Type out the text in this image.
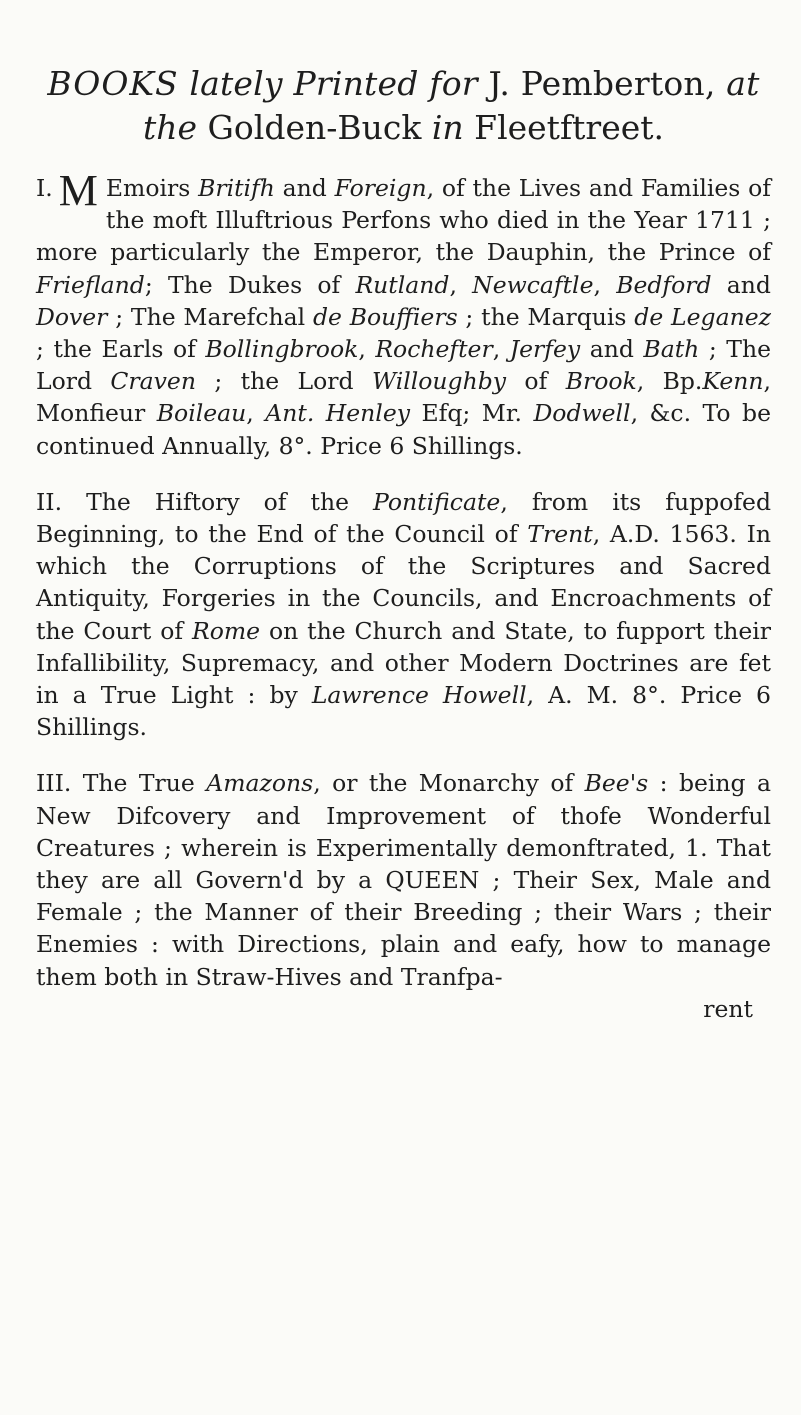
BOOKS lately Printed for J. Pemberton, at
the Golden-Buck in Fleetftreet.

I. M Emoirs Britifh and Foreign, of the Lives and Families of the moft Illuftrious Perfons who died in the Year 1711 ; more particularly the Emperor, the Dauphin, the Prince of Friefland; The Dukes of Rutland, Newcaftle, Bedford and Dover ; The Marefchal de Bouffiers ; the Marquis de Leganez ; the Earls of Bollingbrook, Rochefter, Jerfey and Bath ; The Lord Craven ; the Lord Willoughby of Brook, Bp.Kenn, Monfieur Boileau, Ant. Henley Efq; Mr. Dodwell, &c. To be continued Annually, 8°. Price 6 Shillings.

II. The Hiftory of the Pontificate, from its fuppofed Beginning, to the End of the Council of Trent, A.D. 1563. In which the Corruptions of the Scriptures and Sacred Antiquity, Forgeries in the Councils, and Encroachments of the Court of Rome on the Church and State, to fupport their Infallibility, Supremacy, and other Modern Doctrines are fet in a True Light : by Lawrence Howell, A. M. 8°. Price 6 Shillings.

III. The True Amazons, or the Monarchy of Bee's : being a New Difcovery and Improvement of thofe Wonderful Creatures ; wherein is Experimentally demonftrated, 1. That they are all Govern'd by a QUEEN ; Their Sex, Male and Female ; the Manner of their Breeding ; their Wars ; their Enemies : with Directions, plain and eafy, how to manage them both in Straw-Hives and Tranfpa-

rent
